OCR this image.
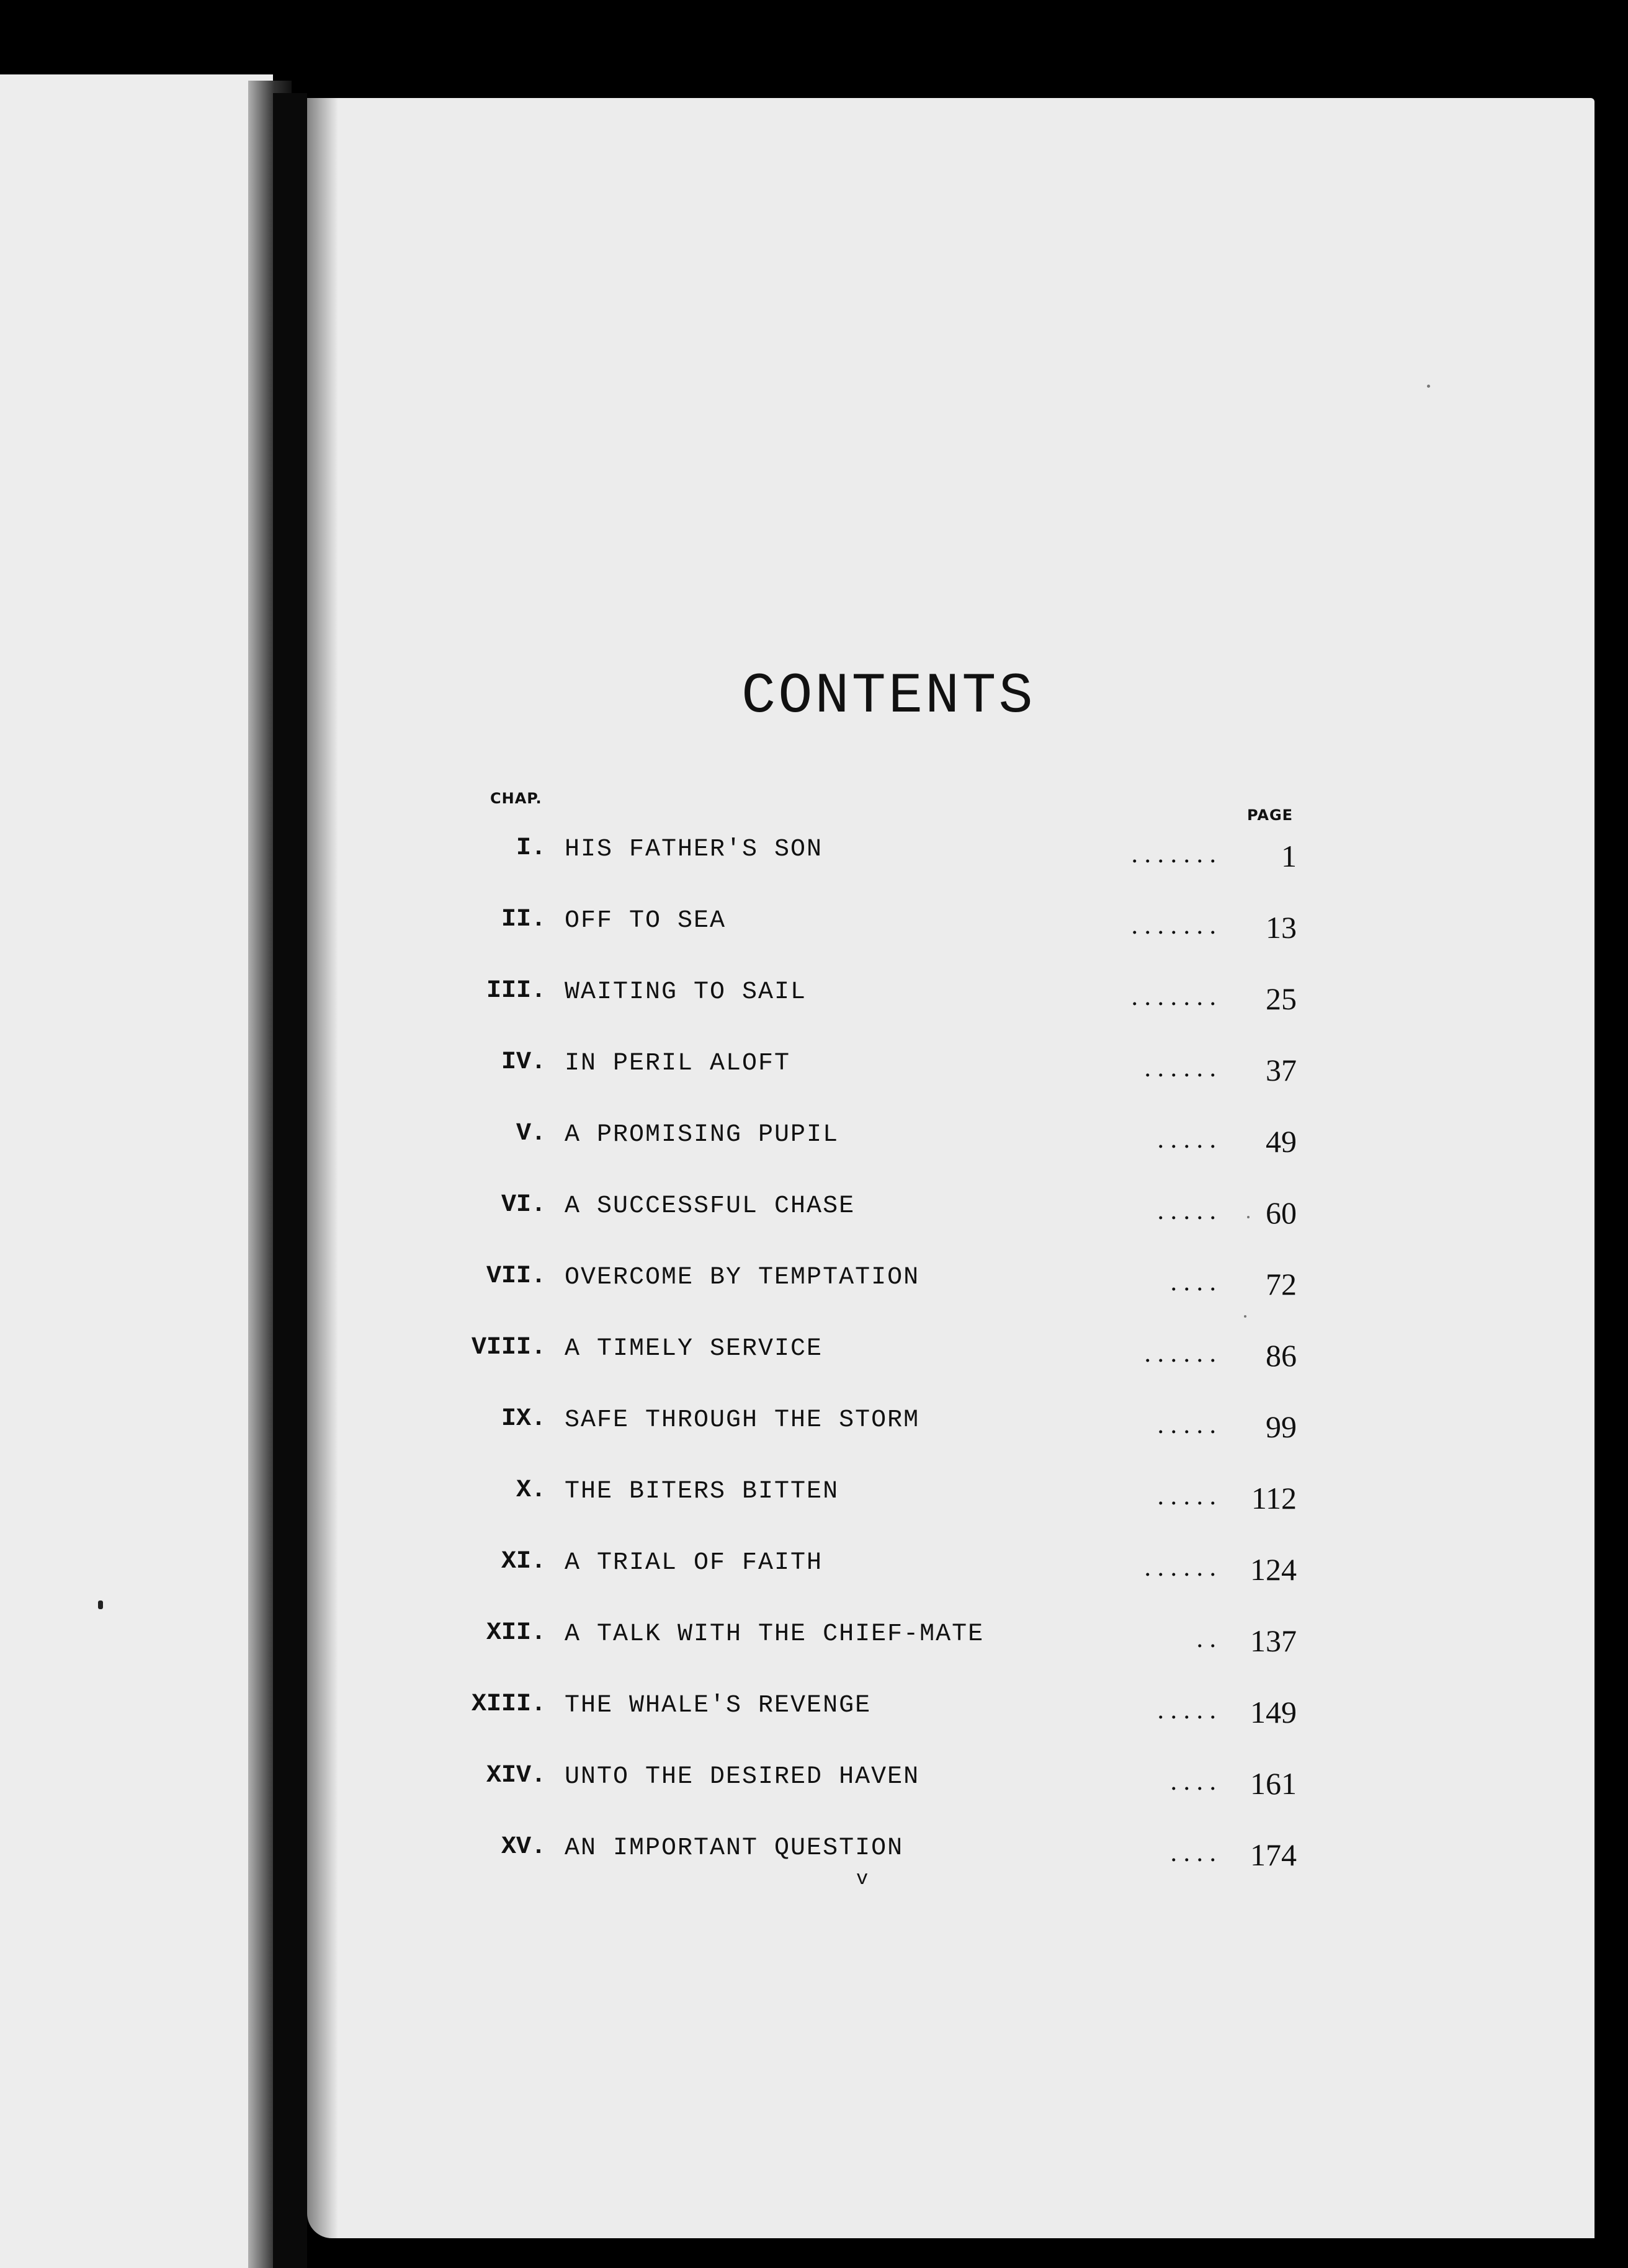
CONTENTS
CHAP.
PAGE
I. HIS FATHER'S SON	. . . . . . .	1
II. OFF TO SEA	. . . . . . .	13
III. WAITING TO SAIL	. . . . . . .	25
IV. IN PERIL ALOFT	. . . . . .	37
V. A PROMISING PUPIL	. . . . .	49
VI. A SUCCESSFUL CHASE	. . . . .	60
VII. OVERCOME BY TEMPTATION	. . . .	72
VIII. A TIMELY SERVICE	. . . . . .	86
IX. SAFE THROUGH THE STORM	. . . . .	99
X. THE BITERS BITTEN	. . . . .	112
XI. A TRIAL OF FAITH	. . . . . .	124
XII. A TALK WITH THE CHIEF-MATE	. .	137
XIII. THE WHALE'S REVENGE	. . . . .	149
XIV. UNTO THE DESIRED HAVEN	. . . .	161
XV. AN IMPORTANT QUESTION	. . . .	174
v
